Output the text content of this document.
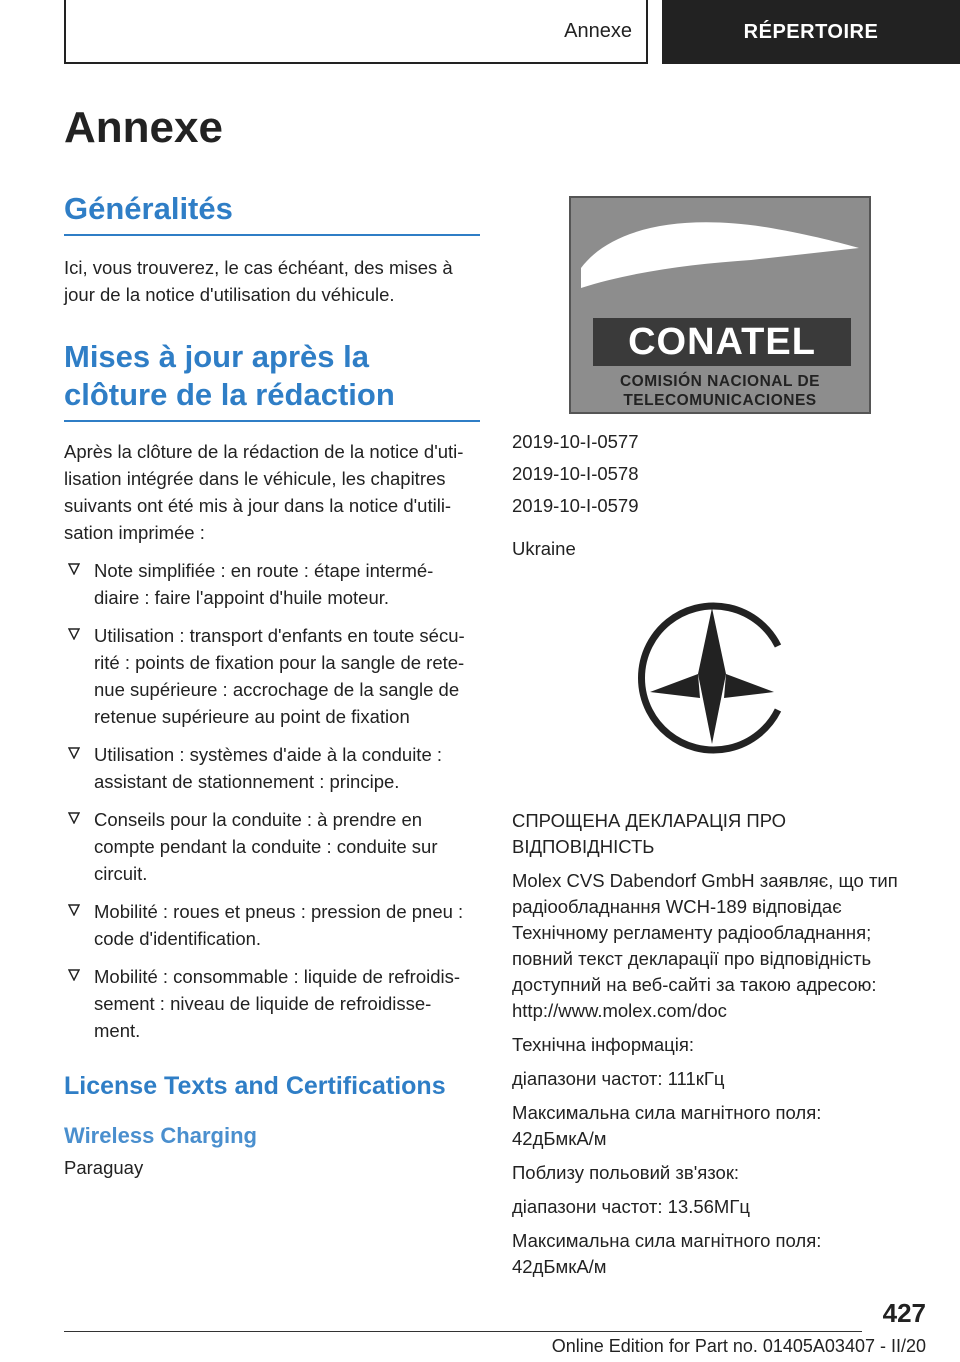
Annexe	RÉPERTOIRE
Annexe
Généralités

Ici, vous trouverez, le cas échéant, des mises à
jour de la notice d'utilisation du véhicule.

Mises à jour après la
clôture de la rédaction

Après la clôture de la rédaction de la notice d'uti-
lisation intégrée dans le véhicule, les chapitres
suivants ont été mis à jour dans la notice d'utili-
sation imprimée :

Note simplifiée : en route : étape intermé-
diaire : faire l'appoint d'huile moteur.
Utilisation : transport d'enfants en toute sécu-
rité : points de fixation pour la sangle de rete-
nue supérieure : accrochage de la sangle de
retenue supérieure au point de fixation
Utilisation : systèmes d'aide à la conduite :
assistant de stationnement : principe.
Conseils pour la conduite : à prendre en
compte pendant la conduite : conduite sur
circuit.
Mobilité : roues et pneus : pression de pneu :
code d'identification.
Mobilité : consommable : liquide de refroidis-
sement : niveau de liquide de refroidisse-
ment.
License Texts and Certifications
Wireless Charging

Paraguay

CONATEL
COMISIÓN NACIONAL DE
TELECOMUNICACIONES

2019-10-I-0577

2019-10-I-0578

2019-10-I-0579

Ukraine

СПРОЩЕНА ДЕКЛАРАЦІЯ ПРО
ВІДПОВІДНІСТЬ

Molex CVS Dabendorf GmbH заявляє, що тип
радіообладнання WCH-189 відповідає
Технічному регламенту радіообладнання;
повний текст декларації про відповідність
доступний на веб-сайті за такою адресою:
http://www.molex.com/doc

Технічна інформація:

діапазони частот: 111кГц

Максимальна сила магнітного поля:
42дБмкА/м

Поблизу польовий зв'язок:

діапазони частот: 13.56МГц

Максимальна сила магнітного поля:
42дБмкА/м

427
Online Edition for Part no. 01405A03407 - II/20
